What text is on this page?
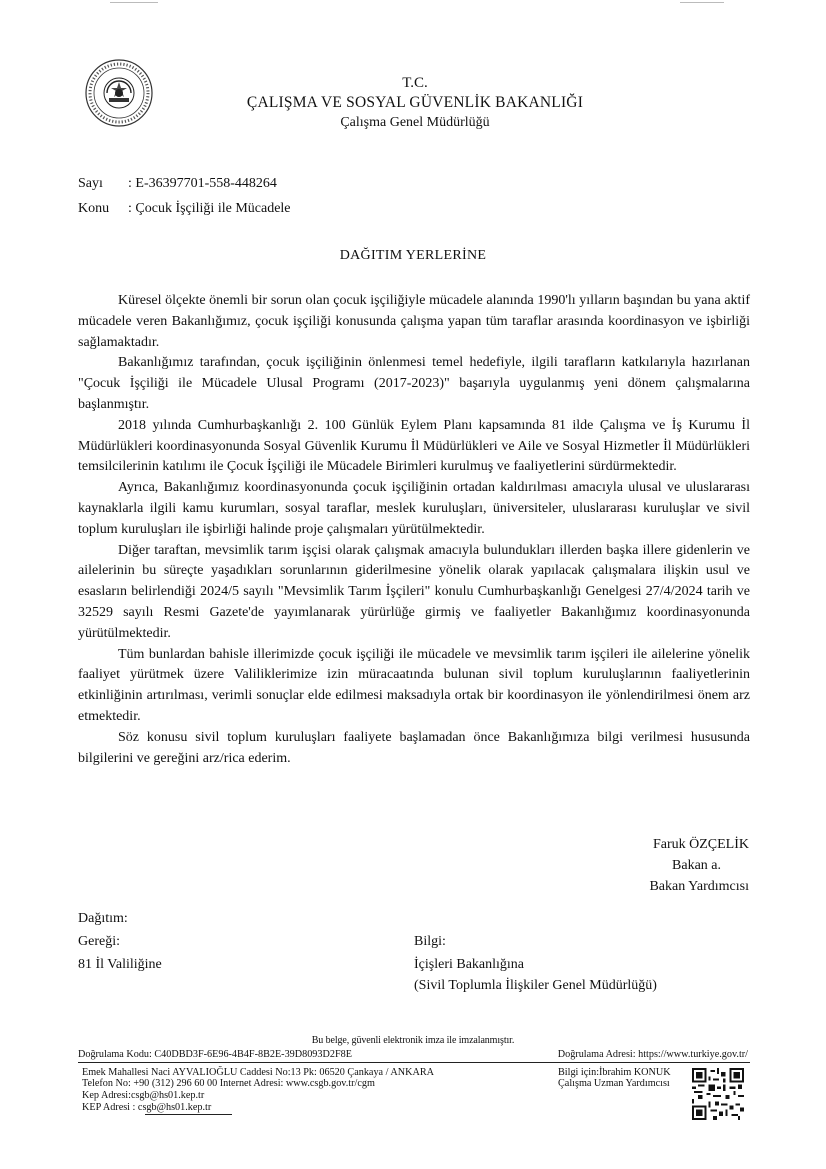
T.C.
ÇALIŞMA VE SOSYAL GÜVENLİK BAKANLIĞI
Çalışma Genel Müdürlüğü
Sayı : E-36397701-558-448264
Konu : Çocuk İşçiliği ile Mücadele
DAĞITIM YERLERİNE

Küresel ölçekte önemli bir sorun olan çocuk işçiliğiyle mücadele alanında 1990'lı yılların başından bu yana aktif mücadele veren Bakanlığımız, çocuk işçiliği konusunda çalışma yapan tüm taraflar arasında koordinasyon ve işbirliği sağlamaktadır.

Bakanlığımız tarafından, çocuk işçiliğinin önlenmesi temel hedefiyle, ilgili tarafların katkılarıyla hazırlanan "Çocuk İşçiliği ile Mücadele Ulusal Programı (2017-2023)" başarıyla uygulanmış yeni dönem çalışmalarına başlanmıştır.

2018 yılında Cumhurbaşkanlığı 2. 100 Günlük Eylem Planı kapsamında 81 ilde Çalışma ve İş Kurumu İl Müdürlükleri koordinasyonunda Sosyal Güvenlik Kurumu İl Müdürlükleri ve Aile ve Sosyal Hizmetler İl Müdürlükleri temsilcilerinin katılımı ile Çocuk İşçiliği ile Mücadele Birimleri kurulmuş ve faaliyetlerini sürdürmektedir.

Ayrıca, Bakanlığımız koordinasyonunda çocuk işçiliğinin ortadan kaldırılması amacıyla ulusal ve uluslararası kaynaklarla ilgili kamu kurumları, sosyal taraflar, meslek kuruluşları, üniversiteler, uluslararası kuruluşlar ve sivil toplum kuruluşları ile işbirliği halinde proje çalışmaları yürütülmektedir.

Diğer taraftan, mevsimlik tarım işçisi olarak çalışmak amacıyla bulundukları illerden başka illere gidenlerin ve ailelerinin bu süreçte yaşadıkları sorunlarının giderilmesine yönelik olarak yapılacak çalışmalara ilişkin usul ve esasların belirlendiği 2024/5 sayılı "Mevsimlik Tarım İşçileri" konulu Cumhurbaşkanlığı Genelgesi 27/4/2024 tarih ve 32529 sayılı Resmi Gazete'de yayımlanarak yürürlüğe girmiş ve faaliyetler Bakanlığımız koordinasyonunda yürütülmektedir.

Tüm bunlardan bahisle illerimizde çocuk işçiliği ile mücadele ve mevsimlik tarım işçileri ile ailelerine yönelik faaliyet yürütmek üzere Valiliklerimize izin müracaatında bulunan sivil toplum kuruluşlarının faaliyetlerinin etkinliğinin artırılması, verimli sonuçlar elde edilmesi maksadıyla ortak bir koordinasyon ile yönlendirilmesi önem arz etmektedir.

Söz konusu sivil toplum kuruluşları faaliyete başlamadan önce Bakanlığımıza bilgi verilmesi hususunda bilgilerini ve gereğini arz/rica ederim.

Faruk ÖZÇELİK
Bakan a.
Bakan Yardımcısı
Dağıtım:
Gereği:
81 İl Valiliğine
Bilgi:
İçişleri Bakanlığına
(Sivil Toplumla İlişkiler Genel Müdürlüğü)
Bu belge, güvenli elektronik imza ile imzalanmıştır.
Doğrulama Kodu: C40DBD3F-6E96-4B4F-8B2E-39D8093D2F8E	Doğrulama Adresi: https://www.turkiye.gov.tr/
Emek Mahallesi Naci AYVALIOĞLU Caddesi No:13 Pk: 06520 Çankaya / ANKARA
Telefon No: +90 (312) 296 60 00 Internet Adresi: www.csgb.gov.tr/cgm
Kep Adresi:csgb@hs01.kep.tr
KEP Adresi : csgb@hs01.kep.tr
Bilgi için:İbrahim KONUK
Çalışma Uzman Yardımcısı
